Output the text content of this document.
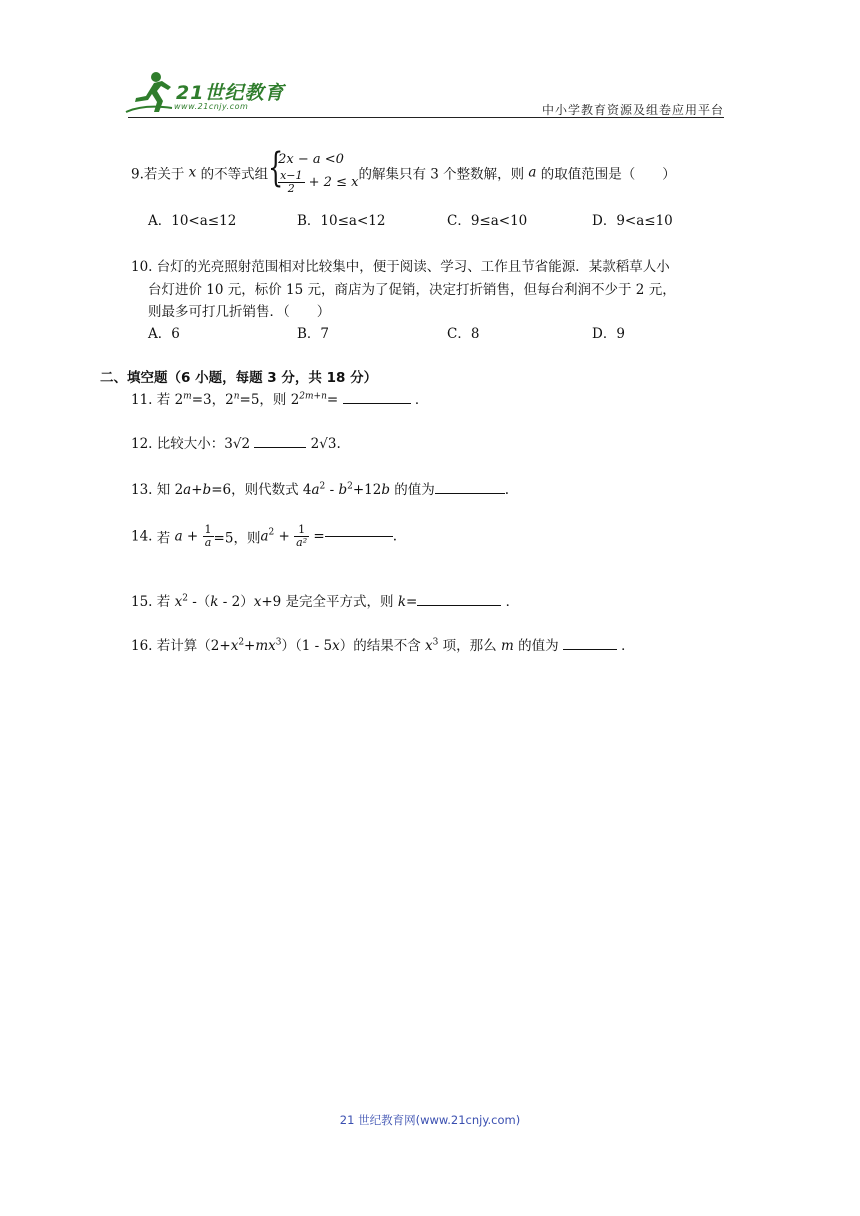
21世纪教育
www.21cnjy.com	中小学教育资源及组卷应用平台
9.若关于 x 的不等式组 {
2x − a <0
$\frac{x-1}{2} + 2 \le x$ 的解集只有 3 个整数解，则 a 的取值范围是（　　）
A．10<a≤12	B．10≤a<12	C．9≤a<10	D．9<a≤10
10. 台灯的光亮照射范围相对比较集中，便于阅读、学习、工作且节省能源．某款稻草人小
台灯进价 10 元，标价 15 元，商店为了促销，决定打折销售，但每台利润不少于 2 元，
则最多可打几折销售．（　　）
A．6	B．7	C．8	D．9
二、填空题（6 小题，每题 3 分，共 18 分）
11. 若 $2^m=3$，$2^n=5$，则 $2^{2m+n}=$	．
12. 比较大小：3√2	2√3.
13. 知 2a+b=6，则代数式 $4a^2 - b^2+12b$ 的值为	.
14. 若 $a + \frac{1}{a} =5$，则$a^2 + \frac{1}{\text{a²}}$ =	.
15. 若 $x^2$ -（k - 2）x+9 是完全平方式，则 k=	．
16. 若计算$(2+x^2+mx^3)(1 - 5x)$的结果不含 $x^3$ 项，那么 m 的值为	．
21 世纪教育网(www.21cnjy.com)
